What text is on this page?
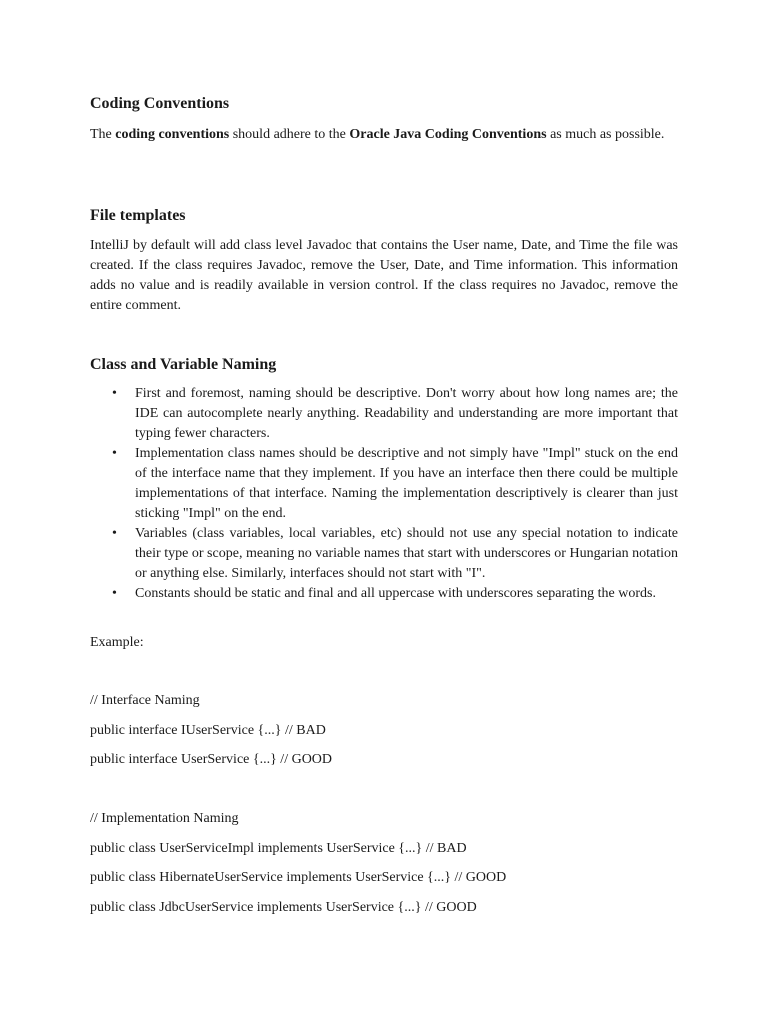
Coding Conventions
The coding conventions should adhere to the Oracle Java Coding Conventions as much as possible.
File templates
IntelliJ by default will add class level Javadoc that contains the User name, Date, and Time the file was created. If the class requires Javadoc, remove the User, Date, and Time information. This information adds no value and is readily available in version control. If the class requires no Javadoc, remove the entire comment.
Class and Variable Naming
• First and foremost, naming should be descriptive. Don't worry about how long names are; the IDE can autocomplete nearly anything. Readability and understanding are more important that typing fewer characters.
• Implementation class names should be descriptive and not simply have "Impl" stuck on the end of the interface name that they implement. If you have an interface then there could be multiple implementations of that interface. Naming the implementation descriptively is clearer than just sticking "Impl" on the end.
• Variables (class variables, local variables, etc) should not use any special notation to indicate their type or scope, meaning no variable names that start with underscores or Hungarian notation or anything else. Similarly, interfaces should not start with "I".
• Constants should be static and final and all uppercase with underscores separating the words.
Example:
// Interface Naming
public interface IUserService {...} // BAD
public interface UserService {...} // GOOD
// Implementation Naming
public class UserServiceImpl implements UserService {...} // BAD
public class HibernateUserService implements UserService {...} // GOOD
public class JdbcUserService implements UserService {...} // GOOD
